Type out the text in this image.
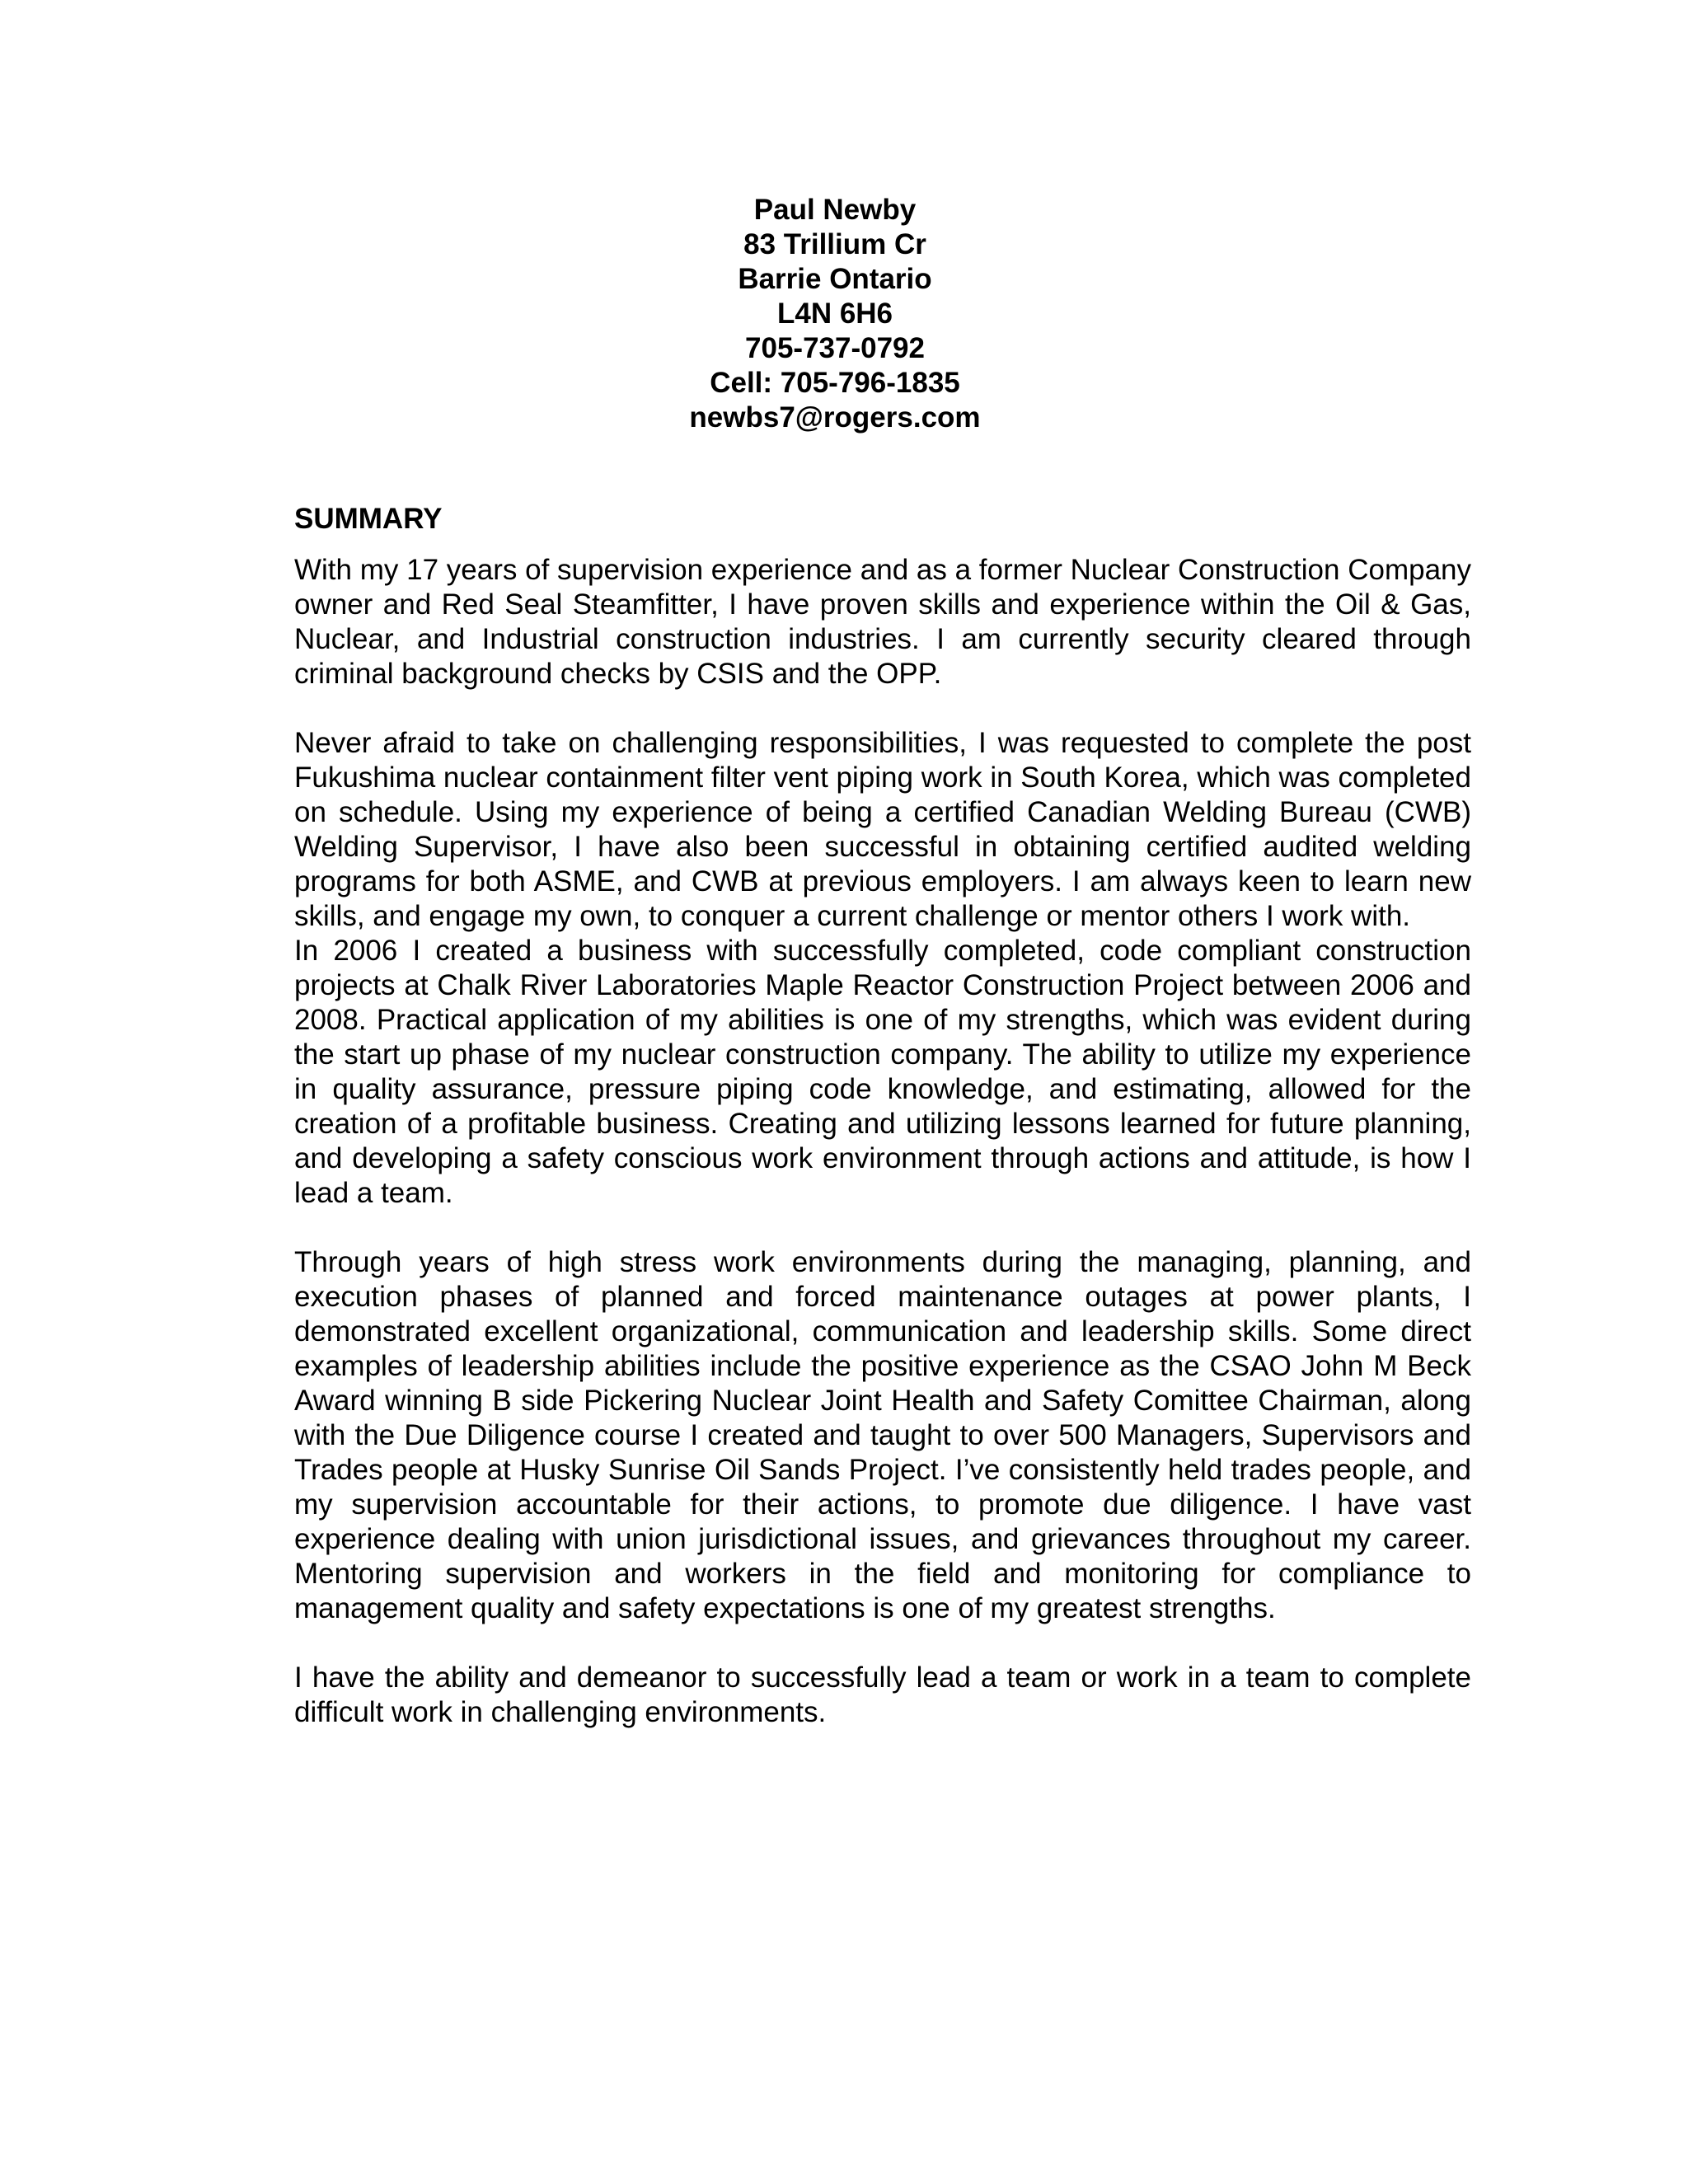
Paul Newby
83 Trillium Cr
Barrie Ontario
L4N 6H6
705-737-0792
Cell: 705-796-1835
newbs7@rogers.com
SUMMARY

With my 17 years of supervision experience and as a former Nuclear Construction Company owner and Red Seal Steamfitter, I have proven skills and experience within the Oil & Gas, Nuclear, and Industrial construction industries. I am currently security cleared through criminal background checks by CSIS and the OPP.

Never afraid to take on challenging responsibilities, I was requested to complete the post Fukushima nuclear containment filter vent piping work in South Korea, which was completed on schedule. Using my experience of being a certified Canadian Welding Bureau (CWB) Welding Supervisor, I have also been successful in obtaining certified audited welding programs for both ASME, and CWB at previous employers. I am always keen to learn new skills, and engage my own, to conquer a current challenge or mentor others I work with.

In 2006 I created a business with successfully completed, code compliant construction projects at Chalk River Laboratories Maple Reactor Construction Project between 2006 and 2008. Practical application of my abilities is one of my strengths, which was evident during the start up phase of my nuclear construction company. The ability to utilize my experience in quality assurance, pressure piping code knowledge, and estimating, allowed for the creation of a profitable business. Creating and utilizing lessons learned for future planning, and developing a safety conscious work environment through actions and attitude, is how I lead a team.

Through years of high stress work environments during the managing, planning, and execution phases of planned and forced maintenance outages at power plants, I demonstrated excellent organizational, communication and leadership skills. Some direct examples of leadership abilities include the positive experience as the CSAO John M Beck Award winning B side Pickering Nuclear Joint Health and Safety Comittee Chairman, along with the Due Diligence course I created and taught to over 500 Managers, Supervisors and Trades people at Husky Sunrise Oil Sands Project. I’ve consistently held trades people, and my supervision accountable for their actions, to promote due diligence. I have vast experience dealing with union jurisdictional issues, and grievances throughout my career. Mentoring supervision and workers in the field and monitoring for compliance to management quality and safety expectations is one of my greatest strengths.

I have the ability and demeanor to successfully lead a team or work in a team to complete difficult work in challenging environments.
